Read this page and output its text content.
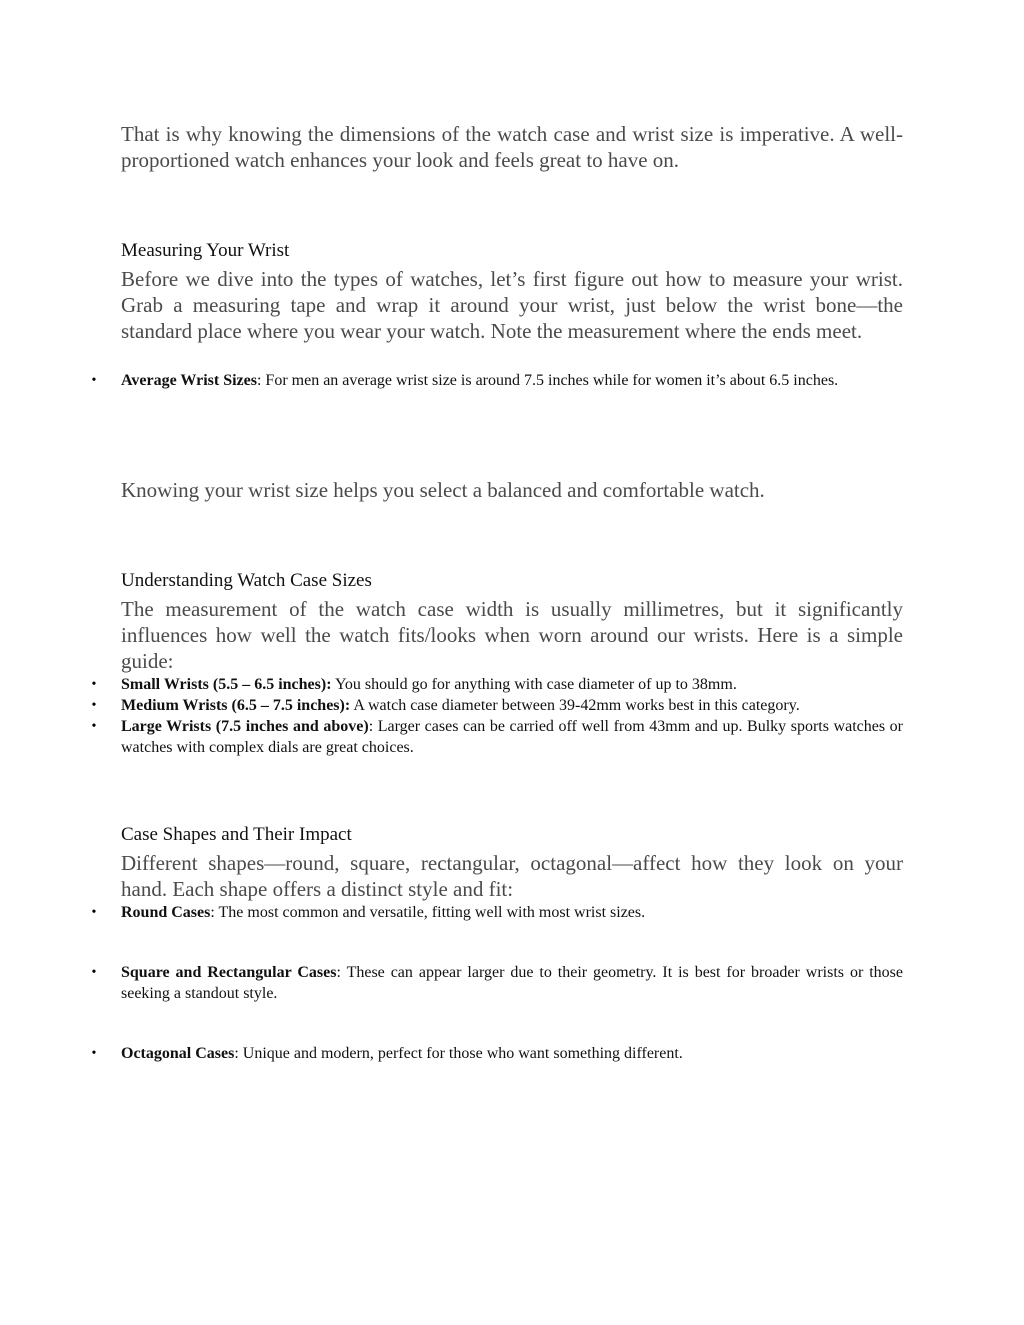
That is why knowing the dimensions of the watch case and wrist size is imperative. A well-proportioned watch enhances your look and feels great to have on.

Measuring Your Wrist

Before we dive into the types of watches, let’s first figure out how to measure your wrist. Grab a measuring tape and wrap it around your wrist, just below the wrist bone—the standard place where you wear your watch. Note the measurement where the ends meet.

• Average Wrist Sizes: For men an average wrist size is around 7.5 inches while for women it’s about 6.5 inches.

Knowing your wrist size helps you select a balanced and comfortable watch.

Understanding Watch Case Sizes

The measurement of the watch case width is usually millimetres, but it significantly influences how well the watch fits/looks when worn around our wrists. Here is a simple guide:

• Small Wrists (5.5 – 6.5 inches): You should go for anything with case diameter of up to 38mm.
• Medium Wrists (6.5 – 7.5 inches): A watch case diameter between 39-42mm works best in this category.
• Large Wrists (7.5 inches and above): Larger cases can be carried off well from 43mm and up. Bulky sports watches or watches with complex dials are great choices.

Case Shapes and Their Impact

Different shapes—round, square, rectangular, octagonal—affect how they look on your hand. Each shape offers a distinct style and fit:

• Round Cases: The most common and versatile, fitting well with most wrist sizes.
• Square and Rectangular Cases: These can appear larger due to their geometry. It is best for broader wrists or those seeking a standout style.
• Octagonal Cases: Unique and modern, perfect for those who want something different.
